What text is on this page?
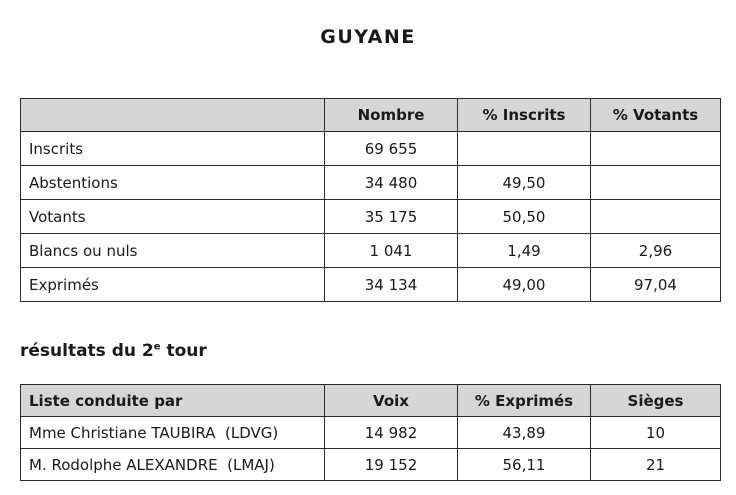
GUYANE
	Nombre	% Inscrits	% Votants
Inscrits	69 655		
Abstentions	34 480	49,50	
Votants	35 175	50,50	
Blancs ou nuls	1 041	1,49	2,96
Exprimés	34 134	49,00	97,04
résultats du 2e tour
Liste conduite par	Voix	% Exprimés	Sièges
Mme Christiane TAUBIRA  (LDVG)	14 982	43,89	10
M. Rodolphe ALEXANDRE  (LMAJ)	19 152	56,11	21
